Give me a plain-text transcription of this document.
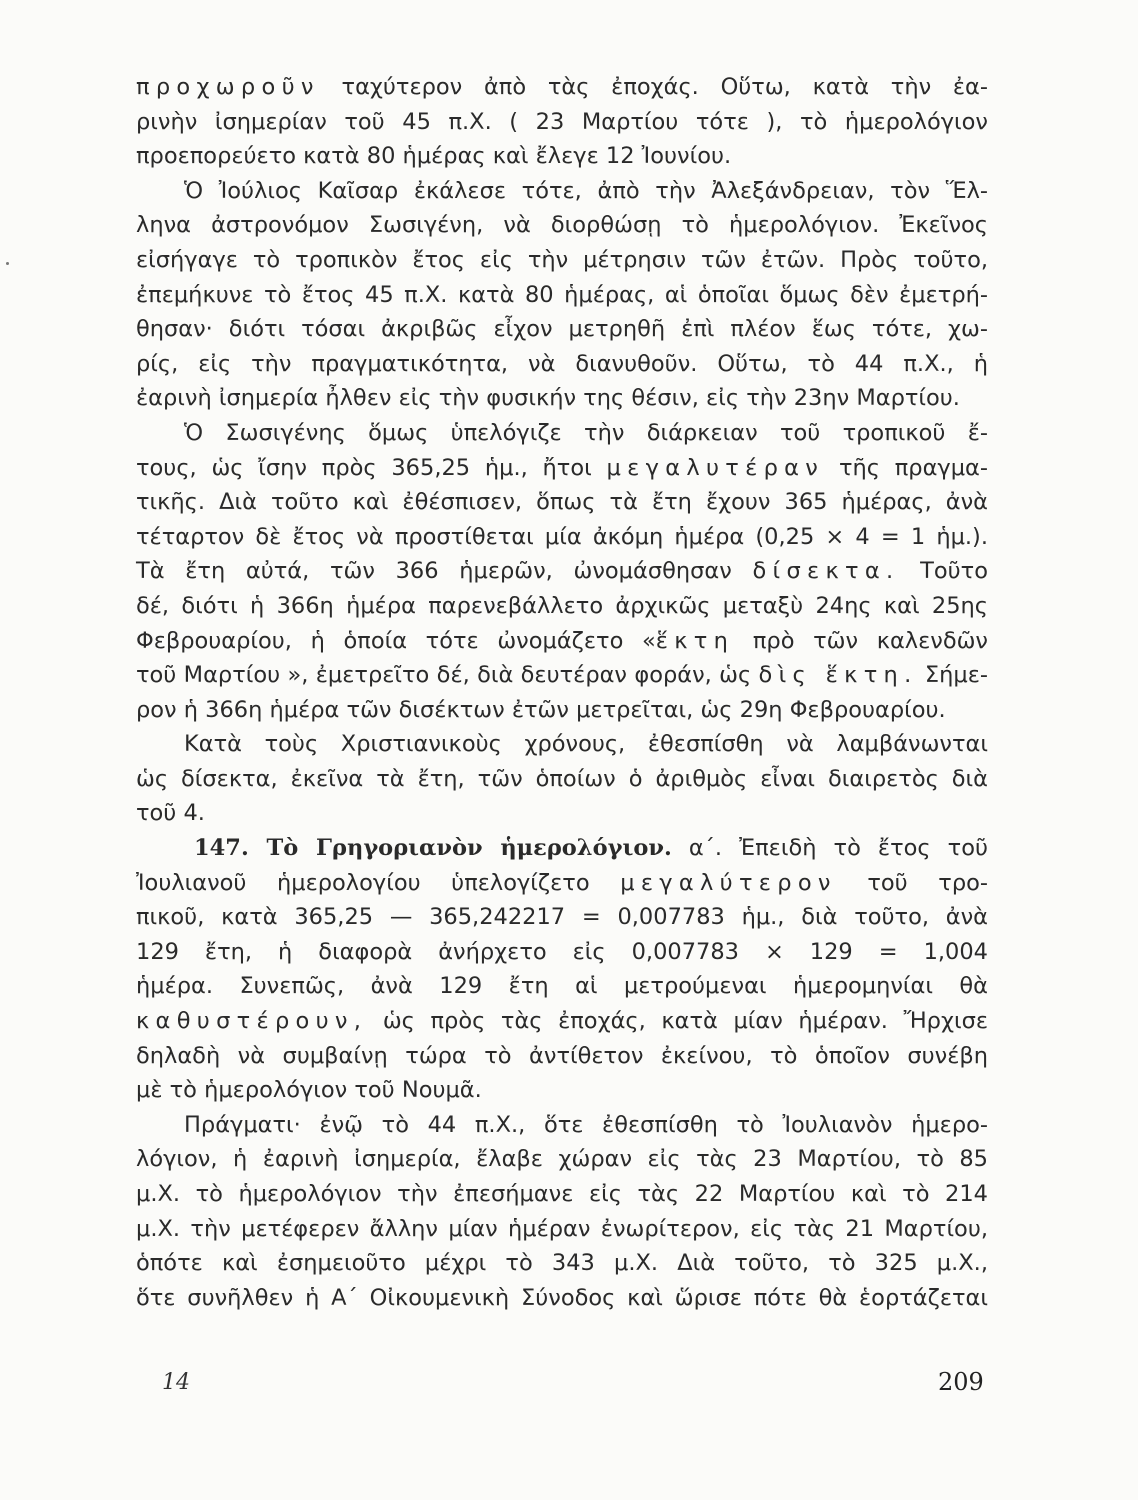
προχωροῦν ταχύτερον ἀπὸ τὰς ἐποχάς. Οὕτω, κατὰ τὴν ἐα-
ρινὴν ἰσημερίαν τοῦ 45 π.Χ. ( 23 Μαρτίου τότε ), τὸ ἡμερολόγιον
προεπορεύετο κατὰ 80 ἡμέρας καὶ ἔλεγε 12 Ἰουνίου.
Ὁ Ἰούλιος Καῖσαρ ἐκάλεσε τότε, ἀπὸ τὴν Ἀλεξάνδρειαν, τὸν Ἕλ-
ληνα ἀστρονόμον Σωσιγένη, νὰ διορθώσῃ τὸ ἡμερολόγιον. Ἐκεῖνος
εἰσήγαγε τὸ τροπικὸν ἔτος εἰς τὴν μέτρησιν τῶν ἐτῶν. Πρὸς τοῦτο,
ἐπεμήκυνε τὸ ἔτος 45 π.Χ. κατὰ 80 ἡμέρας, αἱ ὁποῖαι ὅμως δὲν ἐμετρή-
θησαν· διότι τόσαι ἀκριβῶς εἶχον μετρηθῆ ἐπὶ πλέον ἕως τότε, χω-
ρίς, εἰς τὴν πραγματικότητα, νὰ διανυθοῦν. Οὕτω, τὸ 44 π.Χ., ἡ
ἐαρινὴ ἰσημερία ἦλθεν εἰς τὴν φυσικήν της θέσιν, εἰς τὴν 23ην Μαρτίου.
Ὁ Σωσιγένης ὅμως ὑπελόγιζε τὴν διάρκειαν τοῦ τροπικοῦ ἔ-
τους, ὡς ἴσην πρὸς 365,25 ἡμ., ἤτοι μεγαλυτέραν τῆς πραγμα-
τικῆς. Διὰ τοῦτο καὶ ἐθέσπισεν, ὅπως τὰ ἔτη ἔχουν 365 ἡμέρας, ἀνὰ
τέταρτον δὲ ἔτος νὰ προστίθεται μία ἀκόμη ἡμέρα (0,25 × 4 = 1 ἡμ.).
Τὰ ἔτη αὐτά, τῶν 366 ἡμερῶν, ὠνομάσθησαν δίσεκτα. Τοῦτο
δέ, διότι ἡ 366η ἡμέρα παρενεβάλλετο ἀρχικῶς μεταξὺ 24ης καὶ 25ης
Φεβρουαρίου, ἡ ὁποία τότε ὠνομάζετο «ἕκτη πρὸ τῶν καλενδῶν
τοῦ Μαρτίου », ἐμετρεῖτο δέ, διὰ δευτέραν φοράν, ὡς δὶς ἕκτη. Σήμε-
ρον ἡ 366η ἡμέρα τῶν δισέκτων ἐτῶν μετρεῖται, ὡς 29η Φεβρουαρίου.
Κατὰ τοὺς Χριστιανικοὺς χρόνους, ἐθεσπίσθη νὰ λαμβάνωνται
ὡς δίσεκτα, ἐκεῖνα τὰ ἔτη, τῶν ὁποίων ὁ ἀριθμὸς εἶναι διαιρετὸς διὰ
τοῦ 4.
147. Τὸ Γρηγοριανὸν ἡμερολόγιον. α΄. Ἐπειδὴ τὸ ἔτος τοῦ
Ἰουλιανοῦ ἡμερολογίου ὑπελογίζετο μεγαλύτερον τοῦ τρο-
πικοῦ, κατὰ 365,25 — 365,242217 = 0,007783 ἡμ., διὰ τοῦτο, ἀνὰ
129 ἔτη, ἡ διαφορὰ ἀνήρχετο εἰς 0,007783 × 129 = 1,004
ἡμέρα. Συνεπῶς, ἀνὰ 129 ἔτη αἱ μετρούμεναι ἡμερομηνίαι θὰ
καθυστέρουν, ὡς πρὸς τὰς ἐποχάς, κατὰ μίαν ἡμέραν. Ἤρχισε
δηλαδὴ νὰ συμβαίνῃ τώρα τὸ ἀντίθετον ἐκείνου, τὸ ὁποῖον συνέβη
μὲ τὸ ἡμερολόγιον τοῦ Νουμᾶ.
Πράγματι· ἐνῷ τὸ 44 π.Χ., ὅτε ἐθεσπίσθη τὸ Ἰουλιανὸν ἡμερο-
λόγιον, ἡ ἐαρινὴ ἰσημερία, ἔλαβε χώραν εἰς τὰς 23 Μαρτίου, τὸ 85
μ.Χ. τὸ ἡμερολόγιον τὴν ἐπεσήμανε εἰς τὰς 22 Μαρτίου καὶ τὸ 214
μ.Χ. τὴν μετέφερεν ἄλλην μίαν ἡμέραν ἐνωρίτερον, εἰς τὰς 21 Μαρτίου,
ὁπότε καὶ ἐσημειοῦτο μέχρι τὸ 343 μ.Χ. Διὰ τοῦτο, τὸ 325 μ.Χ.,
ὅτε συνῆλθεν ἡ Α΄ Οἰκουμενικὴ Σύνοδος καὶ ὥρισε πότε θὰ ἑορτάζεται
14	209
